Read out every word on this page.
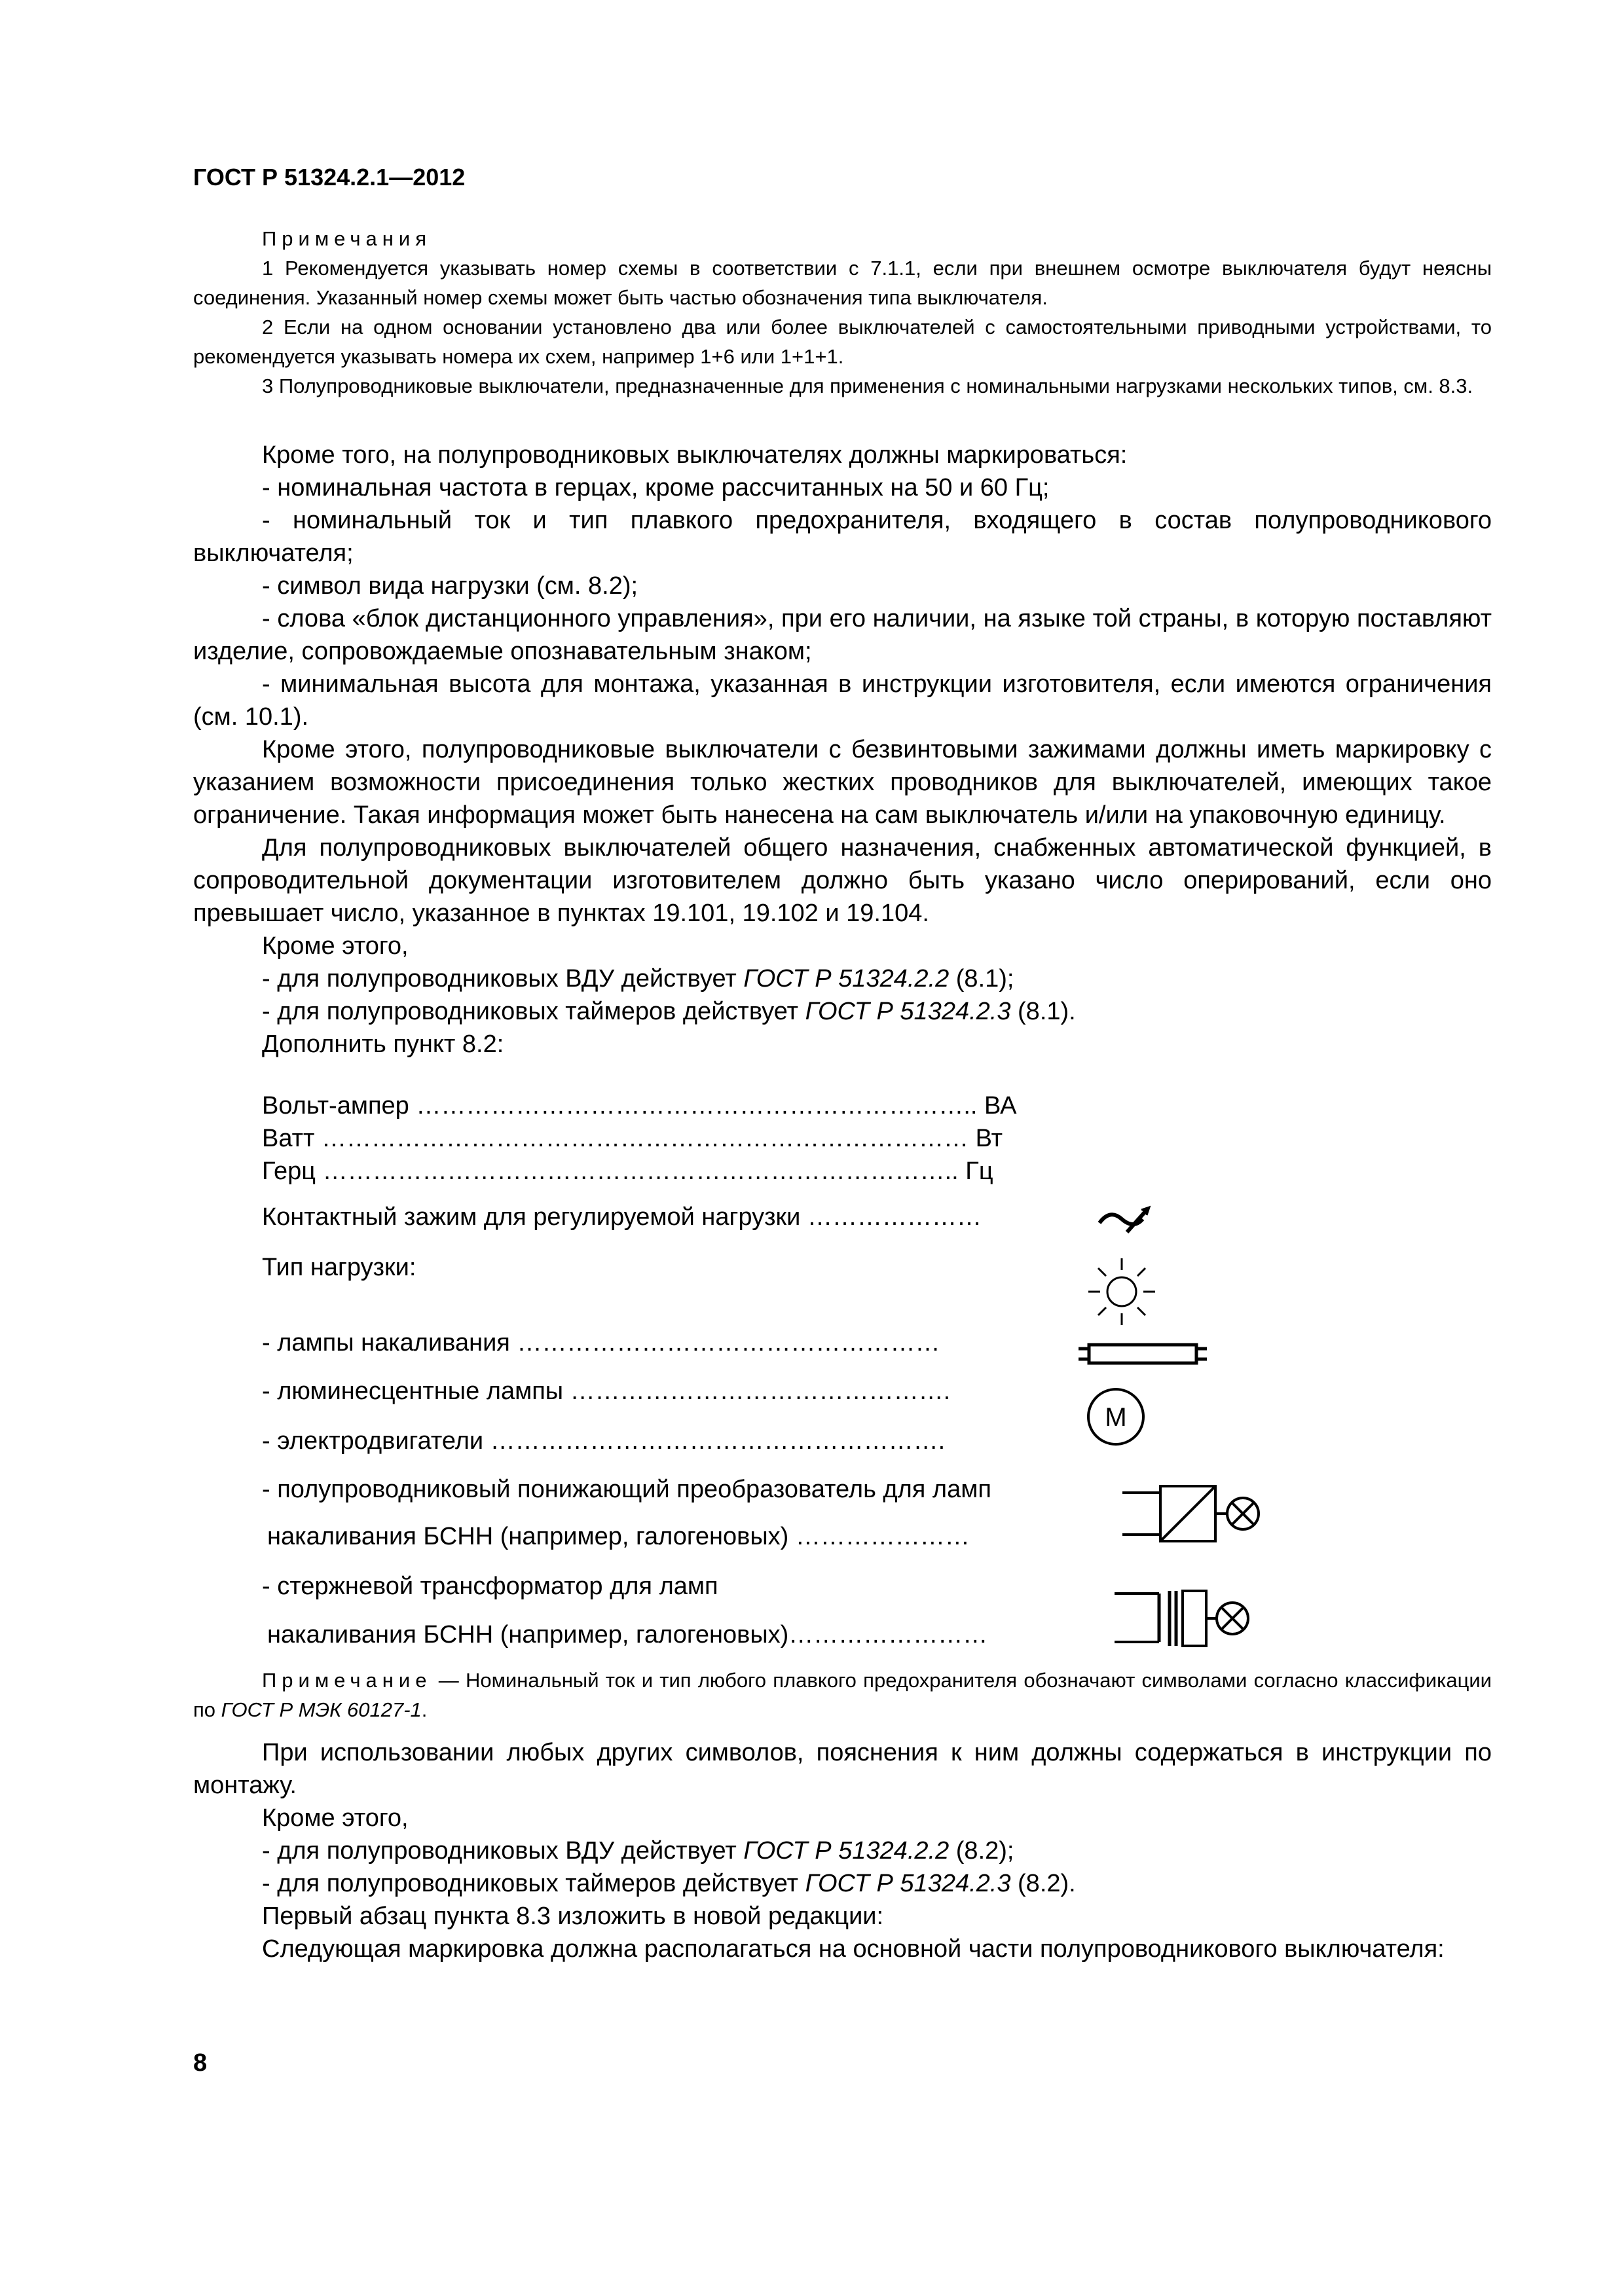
ГОСТ Р 51324.2.1—2012

Примечания

1 Рекомендуется указывать номер схемы в соответствии с 7.1.1, если при внешнем осмотре выключателя будут неясны соединения. Указанный номер схемы может быть частью обозначения типа выключателя.

2 Если на одном основании установлено два или более выключателей с самостоятельными приводными устройствами, то рекомендуется указывать номера их схем, например 1+6 или 1+1+1.

3 Полупроводниковые выключатели, предназначенные для применения с номинальными нагрузками нескольких типов, см. 8.3.

Кроме того, на полупроводниковых выключателях должны маркироваться:

- номинальная частота в герцах, кроме рассчитанных на 50 и 60 Гц;

- номинальный ток и тип плавкого предохранителя, входящего в состав полупроводникового выключателя;

- символ вида нагрузки (см. 8.2);

- слова «блок дистанционного управления», при его наличии, на языке той страны, в которую поставляют изделие, сопровождаемые опознавательным знаком;

- минимальная высота для монтажа, указанная в инструкции изготовителя, если имеются ограничения (см. 10.1).

Кроме этого, полупроводниковые выключатели с безвинтовыми зажимами должны иметь маркировку с указанием возможности присоединения только жестких проводников для выключателей, имеющих такое ограничение. Такая информация может быть нанесена на сам выключатель и/или на упаковочную единицу.

Для полупроводниковых выключателей общего назначения, снабженных автоматической функцией, в сопроводительной документации изготовителем должно быть указано число оперирований, если оно превышает число, указанное в пунктах 19.101, 19.102 и 19.104.

Кроме этого,

- для полупроводниковых ВДУ действует ГОСТ Р 51324.2.2 (8.1);

- для полупроводниковых таймеров действует ГОСТ Р 51324.2.3 (8.1).

Дополнить пункт 8.2:

Вольт-ампер ………………………………………………………….. ВА
Ватт …………………………………………………………………… Вт
Герц ………………………………………………………………….. Гц
Контактный зажим для регулируемой нагрузки …………………
Тип нагрузки:
- лампы накаливания ……………………………………………
- люминесцентные лампы ……………………………………….
- электродвигатели ……………………………………………….
- полупроводниковый понижающий преобразователь для ламп
накаливания БСНН (например, галогеновых) …………………
- стержневой трансформатор для ламп
накаливания БСНН (например, галогеновых)……………………
M

Примечание — Номинальный ток и тип любого плавкого предохранителя обозначают символами согласно классификации по ГОСТ Р МЭК 60127-1.

При использовании любых других символов, пояснения к ним должны содержаться в инструкции по монтажу.

Кроме этого,

- для полупроводниковых ВДУ действует ГОСТ Р 51324.2.2 (8.2);

- для полупроводниковых таймеров действует ГОСТ Р 51324.2.3 (8.2).

Первый абзац пункта 8.3 изложить в новой редакции:

Следующая маркировка должна располагаться на основной части полупроводникового выключателя:

8
